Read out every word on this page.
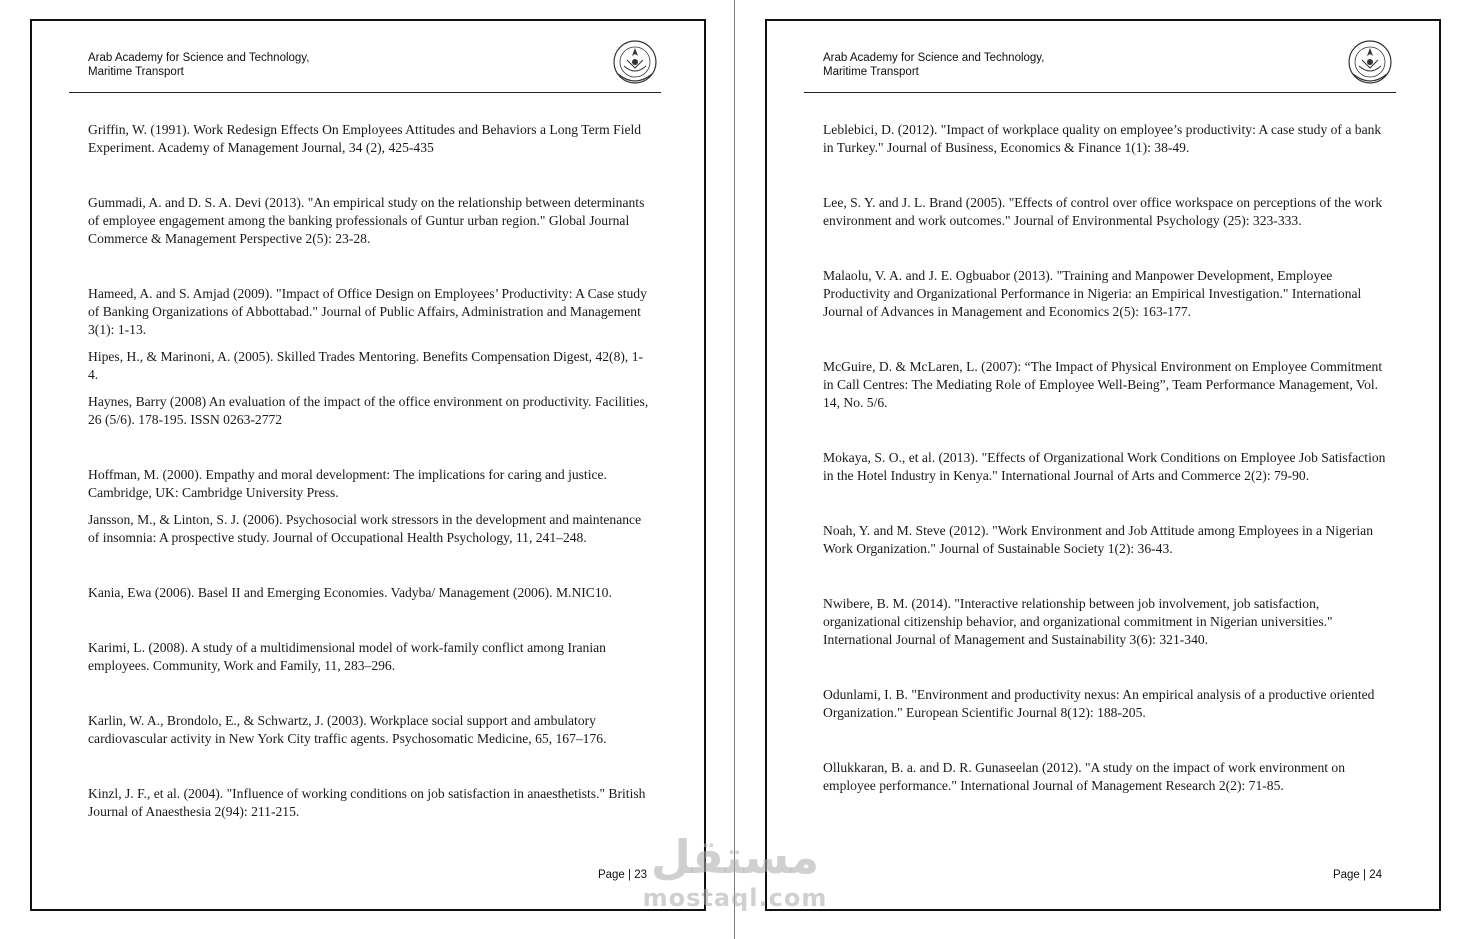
Arab Academy for Science and Technology,
Maritime Transport

Griffin, W. (1991). Work Redesign Effects On Employees Attitudes and Behaviors a Long Term Field Experiment. Academy of Management Journal, 34 (2), 425-435

Gummadi, A. and D. S. A. Devi (2013). "An empirical study on the relationship between determinants of employee engagement among the banking professionals of Guntur urban region." Global Journal Commerce & Management Perspective 2(5): 23-28.

Hameed, A. and S. Amjad (2009). "Impact of Office Design on Employees’ Productivity: A Case study of Banking Organizations of Abbottabad." Journal of Public Affairs, Administration and Management 3(1): 1-13.

Hipes, H., & Marinoni, A. (2005). Skilled Trades Mentoring. Benefits Compensation Digest, 42(8), 1-4.

Haynes, Barry (2008) An evaluation of the impact of the office environment on productivity. Facilities, 26 (5/6). 178-195. ISSN 0263-2772

Hoffman, M. (2000). Empathy and moral development: The implications for caring and justice. Cambridge, UK: Cambridge University Press.

Jansson, M., & Linton, S. J. (2006). Psychosocial work stressors in the development and maintenance of insomnia: A prospective study. Journal of Occupational Health Psychology, 11, 241–248.

Kania, Ewa (2006). Basel II and Emerging Economies. Vadyba/ Management (2006). M.NIC10.

Karimi, L. (2008). A study of a multidimensional model of work-family conflict among Iranian employees. Community, Work and Family, 11, 283–296.

Karlin, W. A., Brondolo, E., & Schwartz, J. (2003). Workplace social support and ambulatory cardiovascular activity in New York City traffic agents. Psychosomatic Medicine, 65, 167–176.

Kinzl, J. F., et al. (2004). "Influence of working conditions on job satisfaction in anaesthetists." British Journal of Anaesthesia 2(94): 211-215.

Page | 23
Arab Academy for Science and Technology,
Maritime Transport

Leblebici, D. (2012). "Impact of workplace quality on employee’s productivity: A case study of a bank in Turkey." Journal of Business, Economics & Finance 1(1): 38-49.

Lee, S. Y. and J. L. Brand (2005). "Effects of control over office workspace on perceptions of the work environment and work outcomes." Journal of Environmental Psychology (25): 323-333.

Malaolu, V. A. and J. E. Ogbuabor (2013). "Training and Manpower Development, Employee Productivity and Organizational Performance in Nigeria: an Empirical Investigation." International Journal of Advances in Management and Economics 2(5): 163-177.

McGuire, D. & McLaren, L. (2007): “The Impact of Physical Environment on Employee Commitment in Call Centres: The Mediating Role of Employee Well-Being”, Team Performance Management, Vol. 14, No. 5/6.

Mokaya, S. O., et al. (2013). "Effects of Organizational Work Conditions on Employee Job Satisfaction in the Hotel Industry in Kenya." International Journal of Arts and Commerce 2(2): 79-90.

Noah, Y. and M. Steve (2012). "Work Environment and Job Attitude among Employees in a Nigerian Work Organization." Journal of Sustainable Society 1(2): 36-43.

Nwibere, B. M. (2014). "Interactive relationship between job involvement, job satisfaction, organizational citizenship behavior, and organizational commitment in Nigerian universities." International Journal of Management and Sustainability 3(6): 321-340.

Odunlami, I. B. "Environment and productivity nexus: An empirical analysis of a productive oriented Organization." European Scientific Journal 8(12): 188-205.

Ollukkaran, B. a. and D. R. Gunaseelan (2012). "A study on the impact of work environment on employee performance." International Journal of Management Research 2(2): 71-85.

Page | 24
مستقل
mostaql.com
